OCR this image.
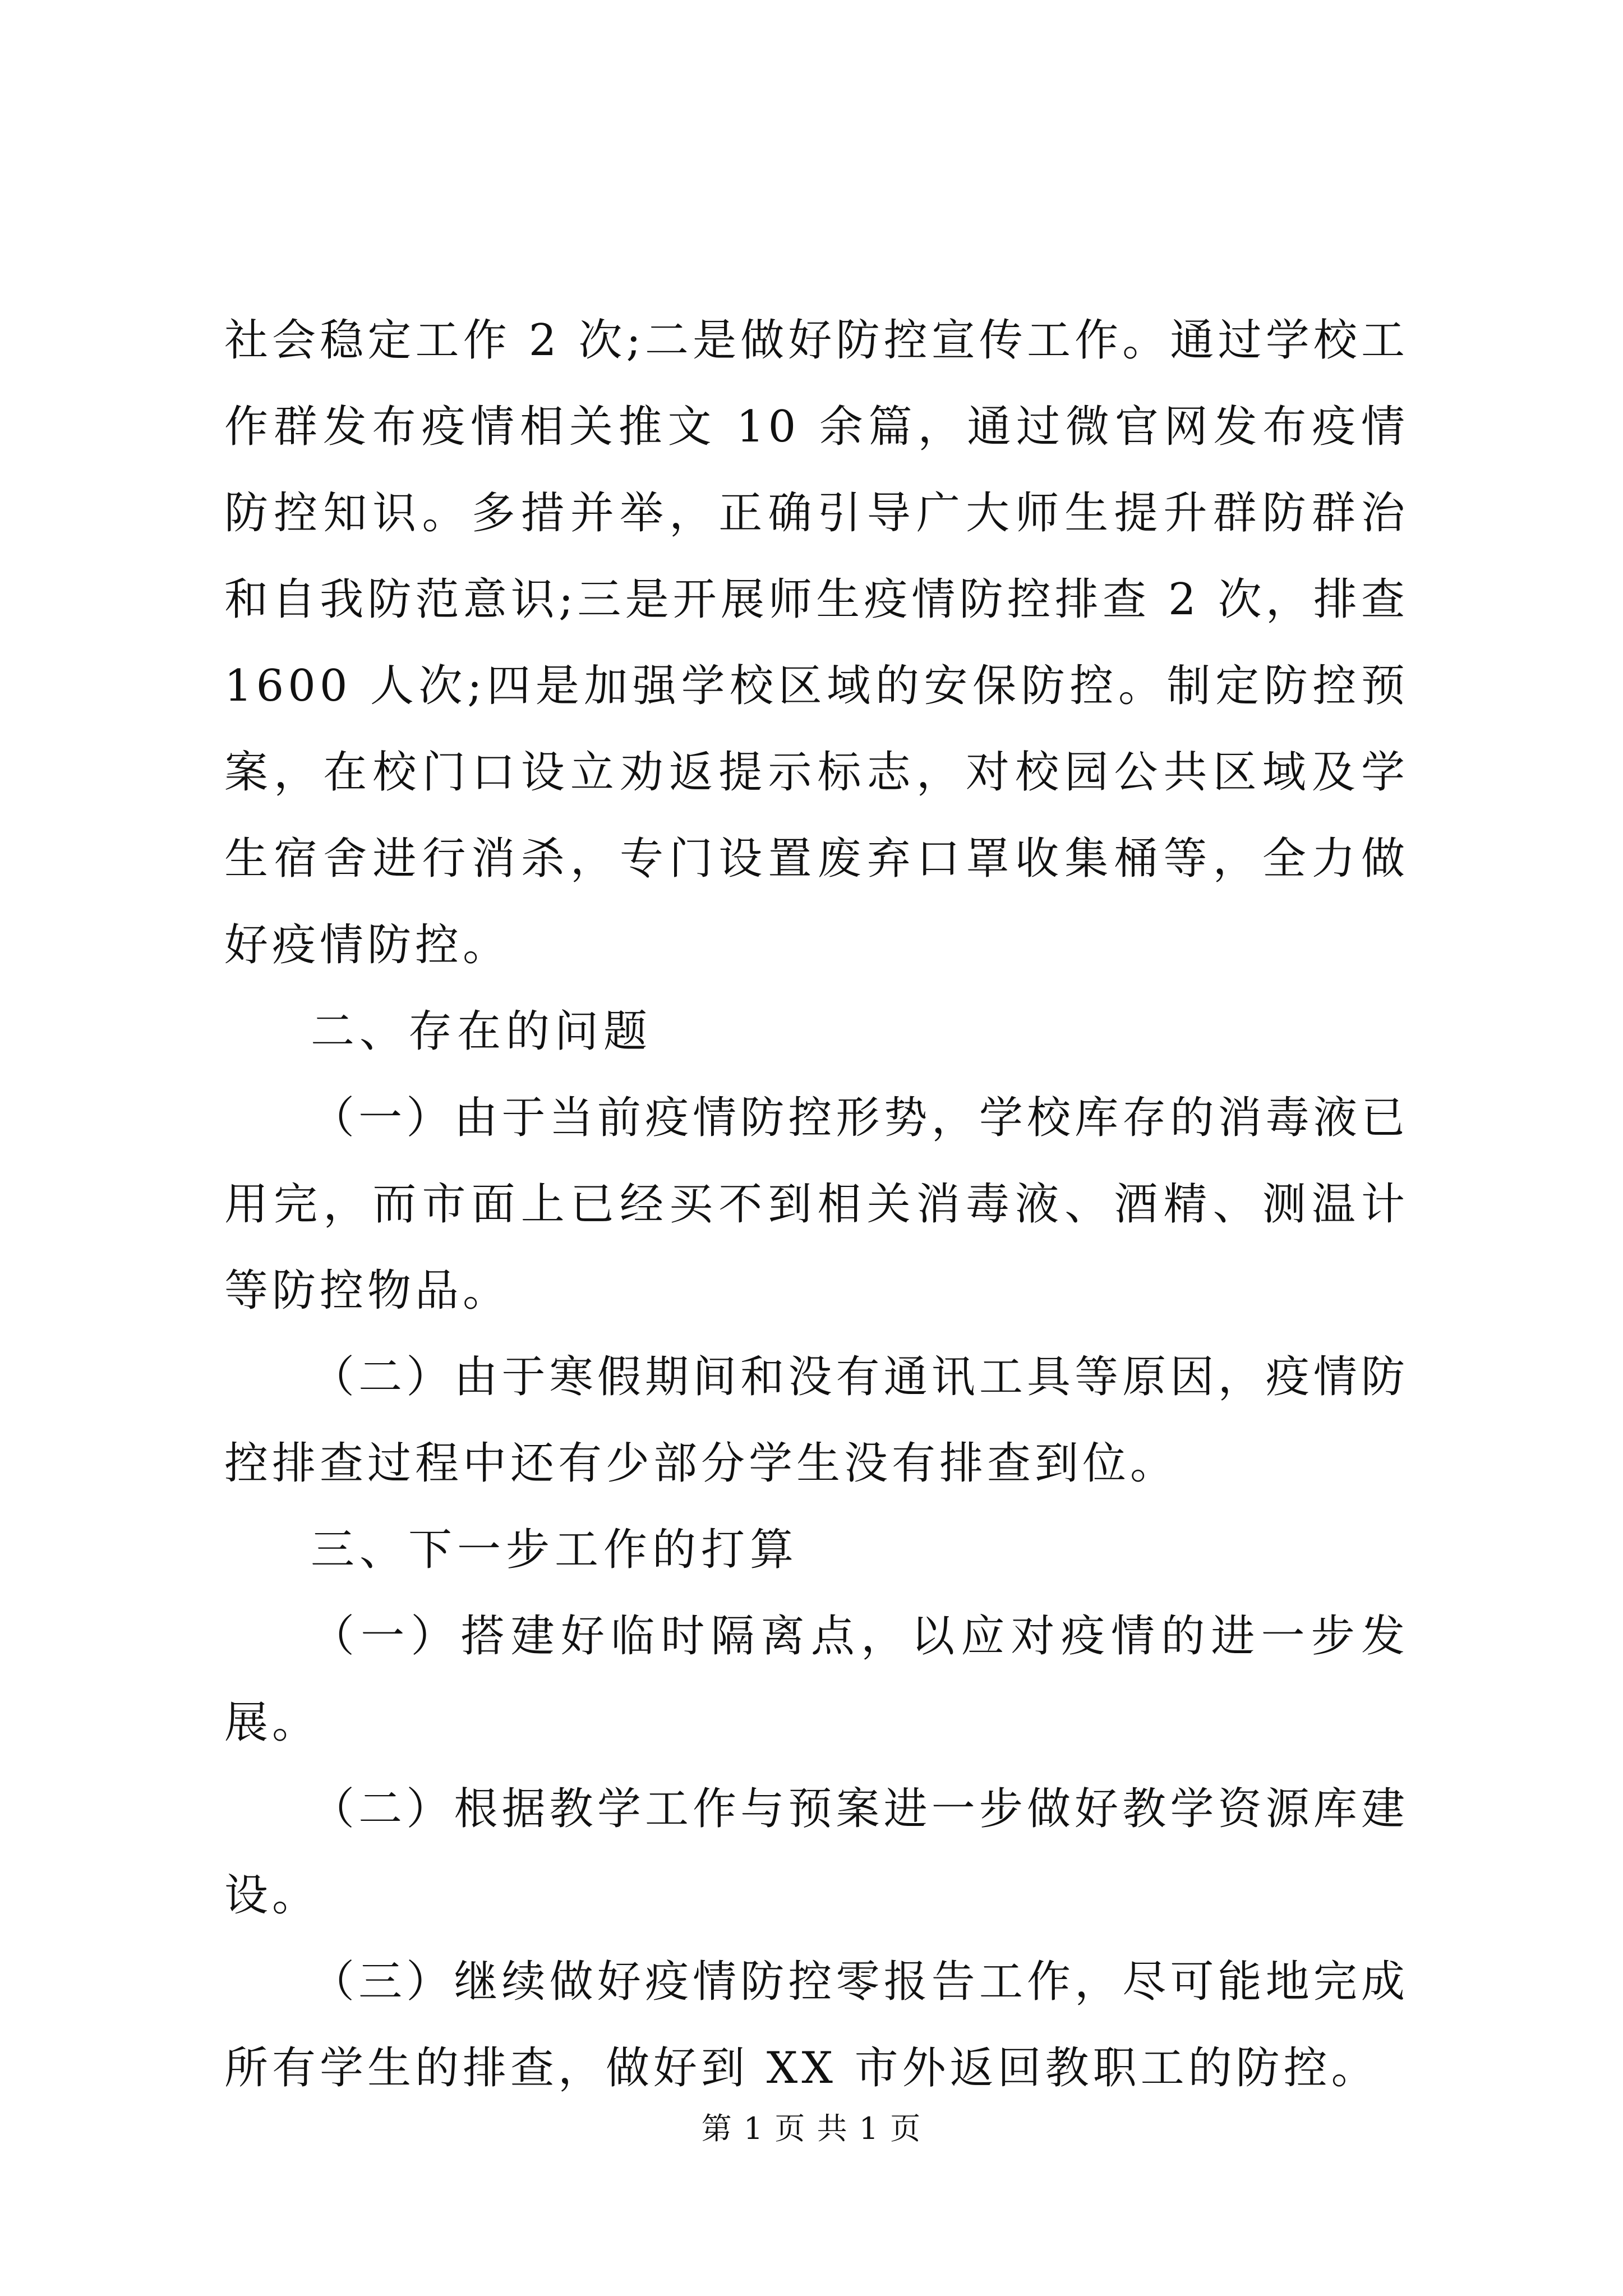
社会稳定工作 2 次;二是做好防控宣传工作。通过学校工作群发布疫情相关推文 10 余篇，通过微官网发布疫情防控知识。多措并举，正确引导广大师生提升群防群治和自我防范意识;三是开展师生疫情防控排查 2 次，排查 1600 人次;四是加强学校区域的安保防控。制定防控预案，在校门口设立劝返提示标志，对校园公共区域及学生宿舍进行消杀，专门设置废弃口罩收集桶等，全力做好疫情防控。

二、存在的问题

（一）由于当前疫情防控形势，学校库存的消毒液已用完，而市面上已经买不到相关消毒液、酒精、测温计等防控物品。

（二）由于寒假期间和没有通讯工具等原因，疫情防控排查过程中还有少部分学生没有排查到位。

三、下一步工作的打算

（一）搭建好临时隔离点，以应对疫情的进一步发展。

（二）根据教学工作与预案进一步做好教学资源库建设。

（三）继续做好疫情防控零报告工作，尽可能地完成所有学生的排查，做好到 XX 市外返回教职工的防控。

第 1 页 共 1 页
